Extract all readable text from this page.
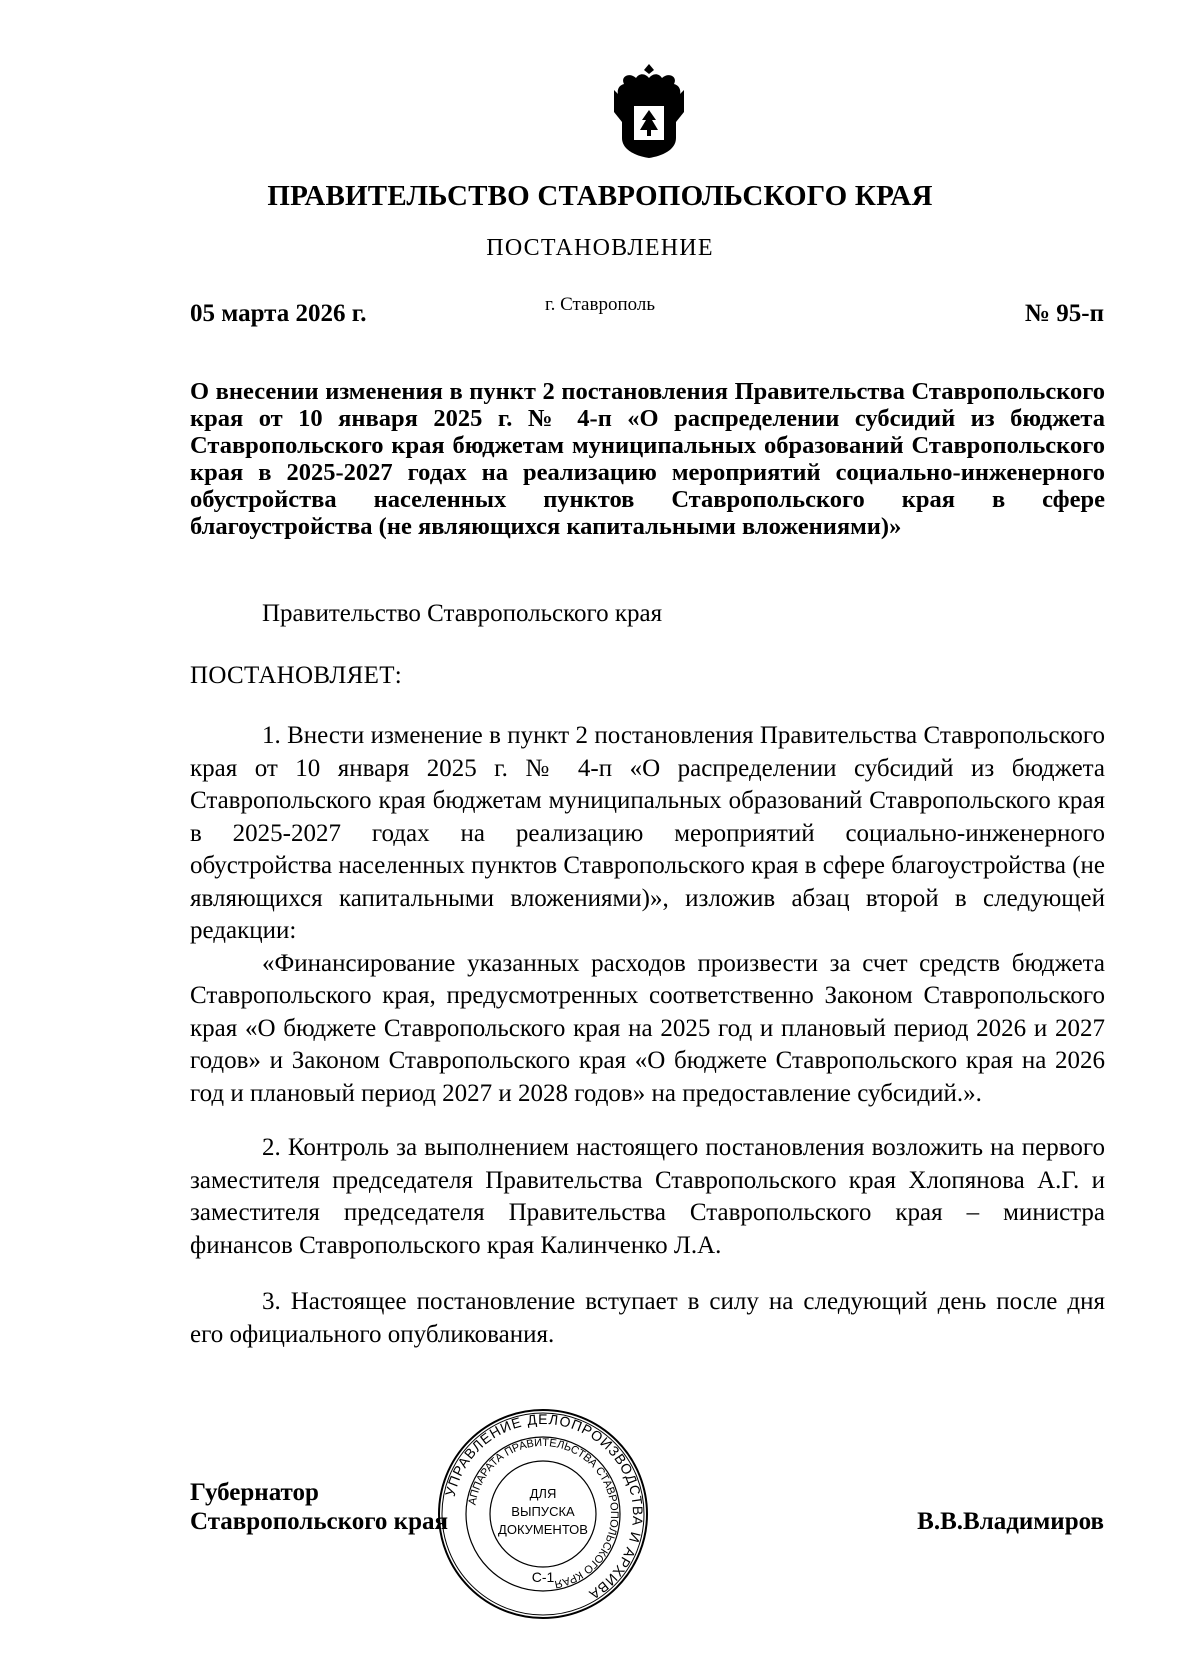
ПРАВИТЕЛЬСТВО СТАВРОПОЛЬСКОГО КРАЯ
ПОСТАНОВЛЕНИЕ
05 марта 2026 г.	г. Ставрополь	№ 95-п
О внесении изменения в пункт 2 постановления Правительства Ставропольского края от 10 января 2025 г. № 4-п «О распределении субсидий из бюджета Ставропольского края бюджетам муниципальных образований Ставропольского края в 2025-2027 годах на реализацию мероприятий социально-инженерного обустройства населенных пунктов Ставропольского края в сфере благоустройства (не являющихся капитальными вложениями)»
Правительство Ставропольского края
ПОСТАНОВЛЯЕТ:

1. Внести изменение в пункт 2 постановления Правительства Ставропольского края от 10 января 2025 г. № 4-п «О распределении субсидий из бюджета Ставропольского края бюджетам муниципальных образований Ставропольского края в 2025-2027 годах на реализацию мероприятий социально-инженерного обустройства населенных пунктов Ставропольского края в сфере благоустройства (не являющихся капитальными вложениями)», изложив абзац второй в следующей редакции:

«Финансирование указанных расходов произвести за счет средств бюджета Ставропольского края, предусмотренных соответственно Законом Ставропольского края «О бюджете Ставропольского края на 2025 год и плановый период 2026 и 2027 годов» и Законом Ставропольского края «О бюджете Ставропольского края на 2026 год и плановый период 2027 и 2028 годов» на предоставление субсидий.».

2. Контроль за выполнением настоящего постановления возложить на первого заместителя председателя Правительства Ставропольского края Хлопянова А.Г. и заместителя председателя Правительства Ставропольского края – министра финансов Ставропольского края Калинченко Л.А.

3. Настоящее постановление вступает в силу на следующий день после дня его официального опубликования.

Губернатор
Ставропольского края	В.В.Владимиров
УПРАВЛЕНИЕ ДЕЛОПРОИЗВОДСТВА И АРХИВА
АППАРАТА ПРАВИТЕЛЬСТВА СТАВРОПОЛЬСКОГО КРАЯ
ДЛЯ
ВЫПУСКА
ДОКУМЕНТОВ
С-1
